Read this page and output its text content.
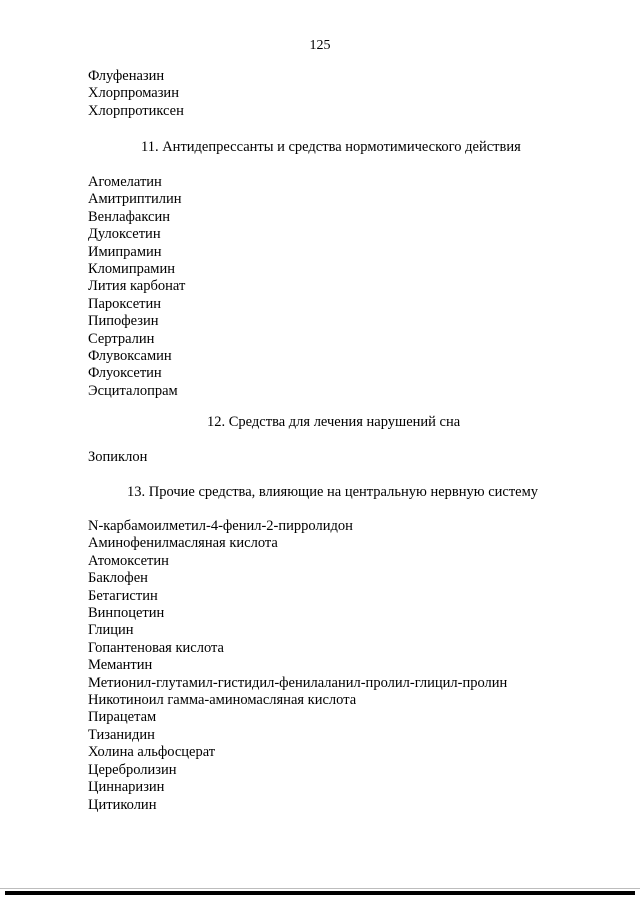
125
Флуфеназин
Хлорпромазин
Хлорпротиксен
11. Антидепрессанты и средства нормотимического действия
Агомелатин
Амитриптилин
Венлафаксин
Дулоксетин
Имипрамин
Кломипрамин
Лития карбонат
Пароксетин
Пипофезин
Сертралин
Флувоксамин
Флуоксетин
Эсциталопрам
12. Средства для лечения нарушений сна
Зопиклон
13. Прочие средства, влияющие на центральную нервную систему
N-карбамоилметил-4-фенил-2-пирролидон
Аминофенилмасляная кислота
Атомоксетин
Баклофен
Бетагистин
Винпоцетин
Глицин
Гопантеновая кислота
Мемантин
Метионил-глутамил-гистидил-фенилаланил-пролил-глицил-пролин
Никотиноил гамма-аминомасляная кислота
Пирацетам
Тизанидин
Холина альфосцерат
Церебролизин
Циннаризин
Цитиколин
